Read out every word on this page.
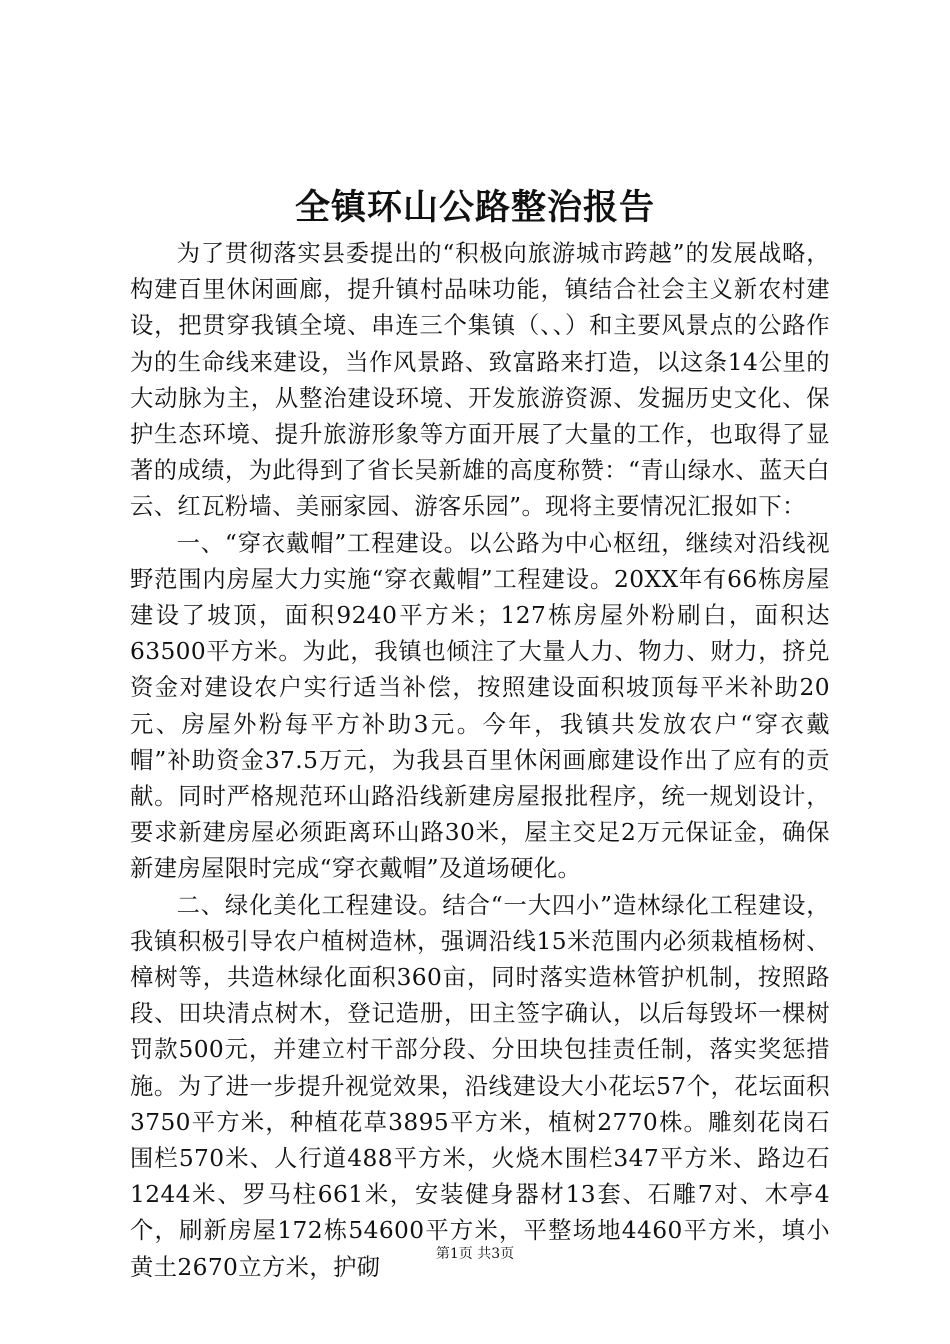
全镇环山公路整治报告

为了贯彻落实县委提出的“积极向旅游城市跨越”的发展战略，构建百里休闲画廊，提升镇村品味功能，镇结合社会主义新农村建设，把贯穿我镇全境、串连三个集镇（、、）和主要风景点的公路作为的生命线来建设，当作风景路、致富路来打造，以这条14公里的大动脉为主，从整治建设环境、开发旅游资源、发掘历史文化、保护生态环境、提升旅游形象等方面开展了大量的工作，也取得了显著的成绩，为此得到了省长吴新雄的高度称赞：“青山绿水、蓝天白云、红瓦粉墙、美丽家园、游客乐园”。现将主要情况汇报如下：

一、“穿衣戴帽”工程建设。以公路为中心枢纽，继续对沿线视野范围内房屋大力实施“穿衣戴帽”工程建设。20XX年有66栋房屋建设了坡顶，面积9240平方米；127栋房屋外粉刷白，面积达63500平方米。为此，我镇也倾注了大量人力、物力、财力，挤兑资金对建设农户实行适当补偿，按照建设面积坡顶每平米补助20元、房屋外粉每平方补助3元。今年，我镇共发放农户“穿衣戴帽”补助资金37.5万元，为我县百里休闲画廊建设作出了应有的贡献。同时严格规范环山路沿线新建房屋报批程序，统一规划设计，要求新建房屋必须距离环山路30米，屋主交足2万元保证金，确保新建房屋限时完成“穿衣戴帽”及道场硬化。

二、绿化美化工程建设。结合“一大四小”造林绿化工程建设，我镇积极引导农户植树造林，强调沿线15米范围内必须栽植杨树、樟树等，共造林绿化面积360亩，同时落实造林管护机制，按照路段、田块清点树木，登记造册，田主签字确认，以后每毁坏一棵树罚款500元，并建立村干部分段、分田块包挂责任制，落实奖惩措施。为了进一步提升视觉效果，沿线建设大小花坛57个，花坛面积3750平方米，种植花草3895平方米，植树2770株。雕刻花岗石围栏570米、人行道488平方米，火烧木围栏347平方米、路边石1244米、罗马柱661米，安装健身器材13套、石雕7对、木亭4个，刷新房屋172栋54600平方米，平整场地4460平方米，填小黄土2670立方米，护砌	第1页 共3页
